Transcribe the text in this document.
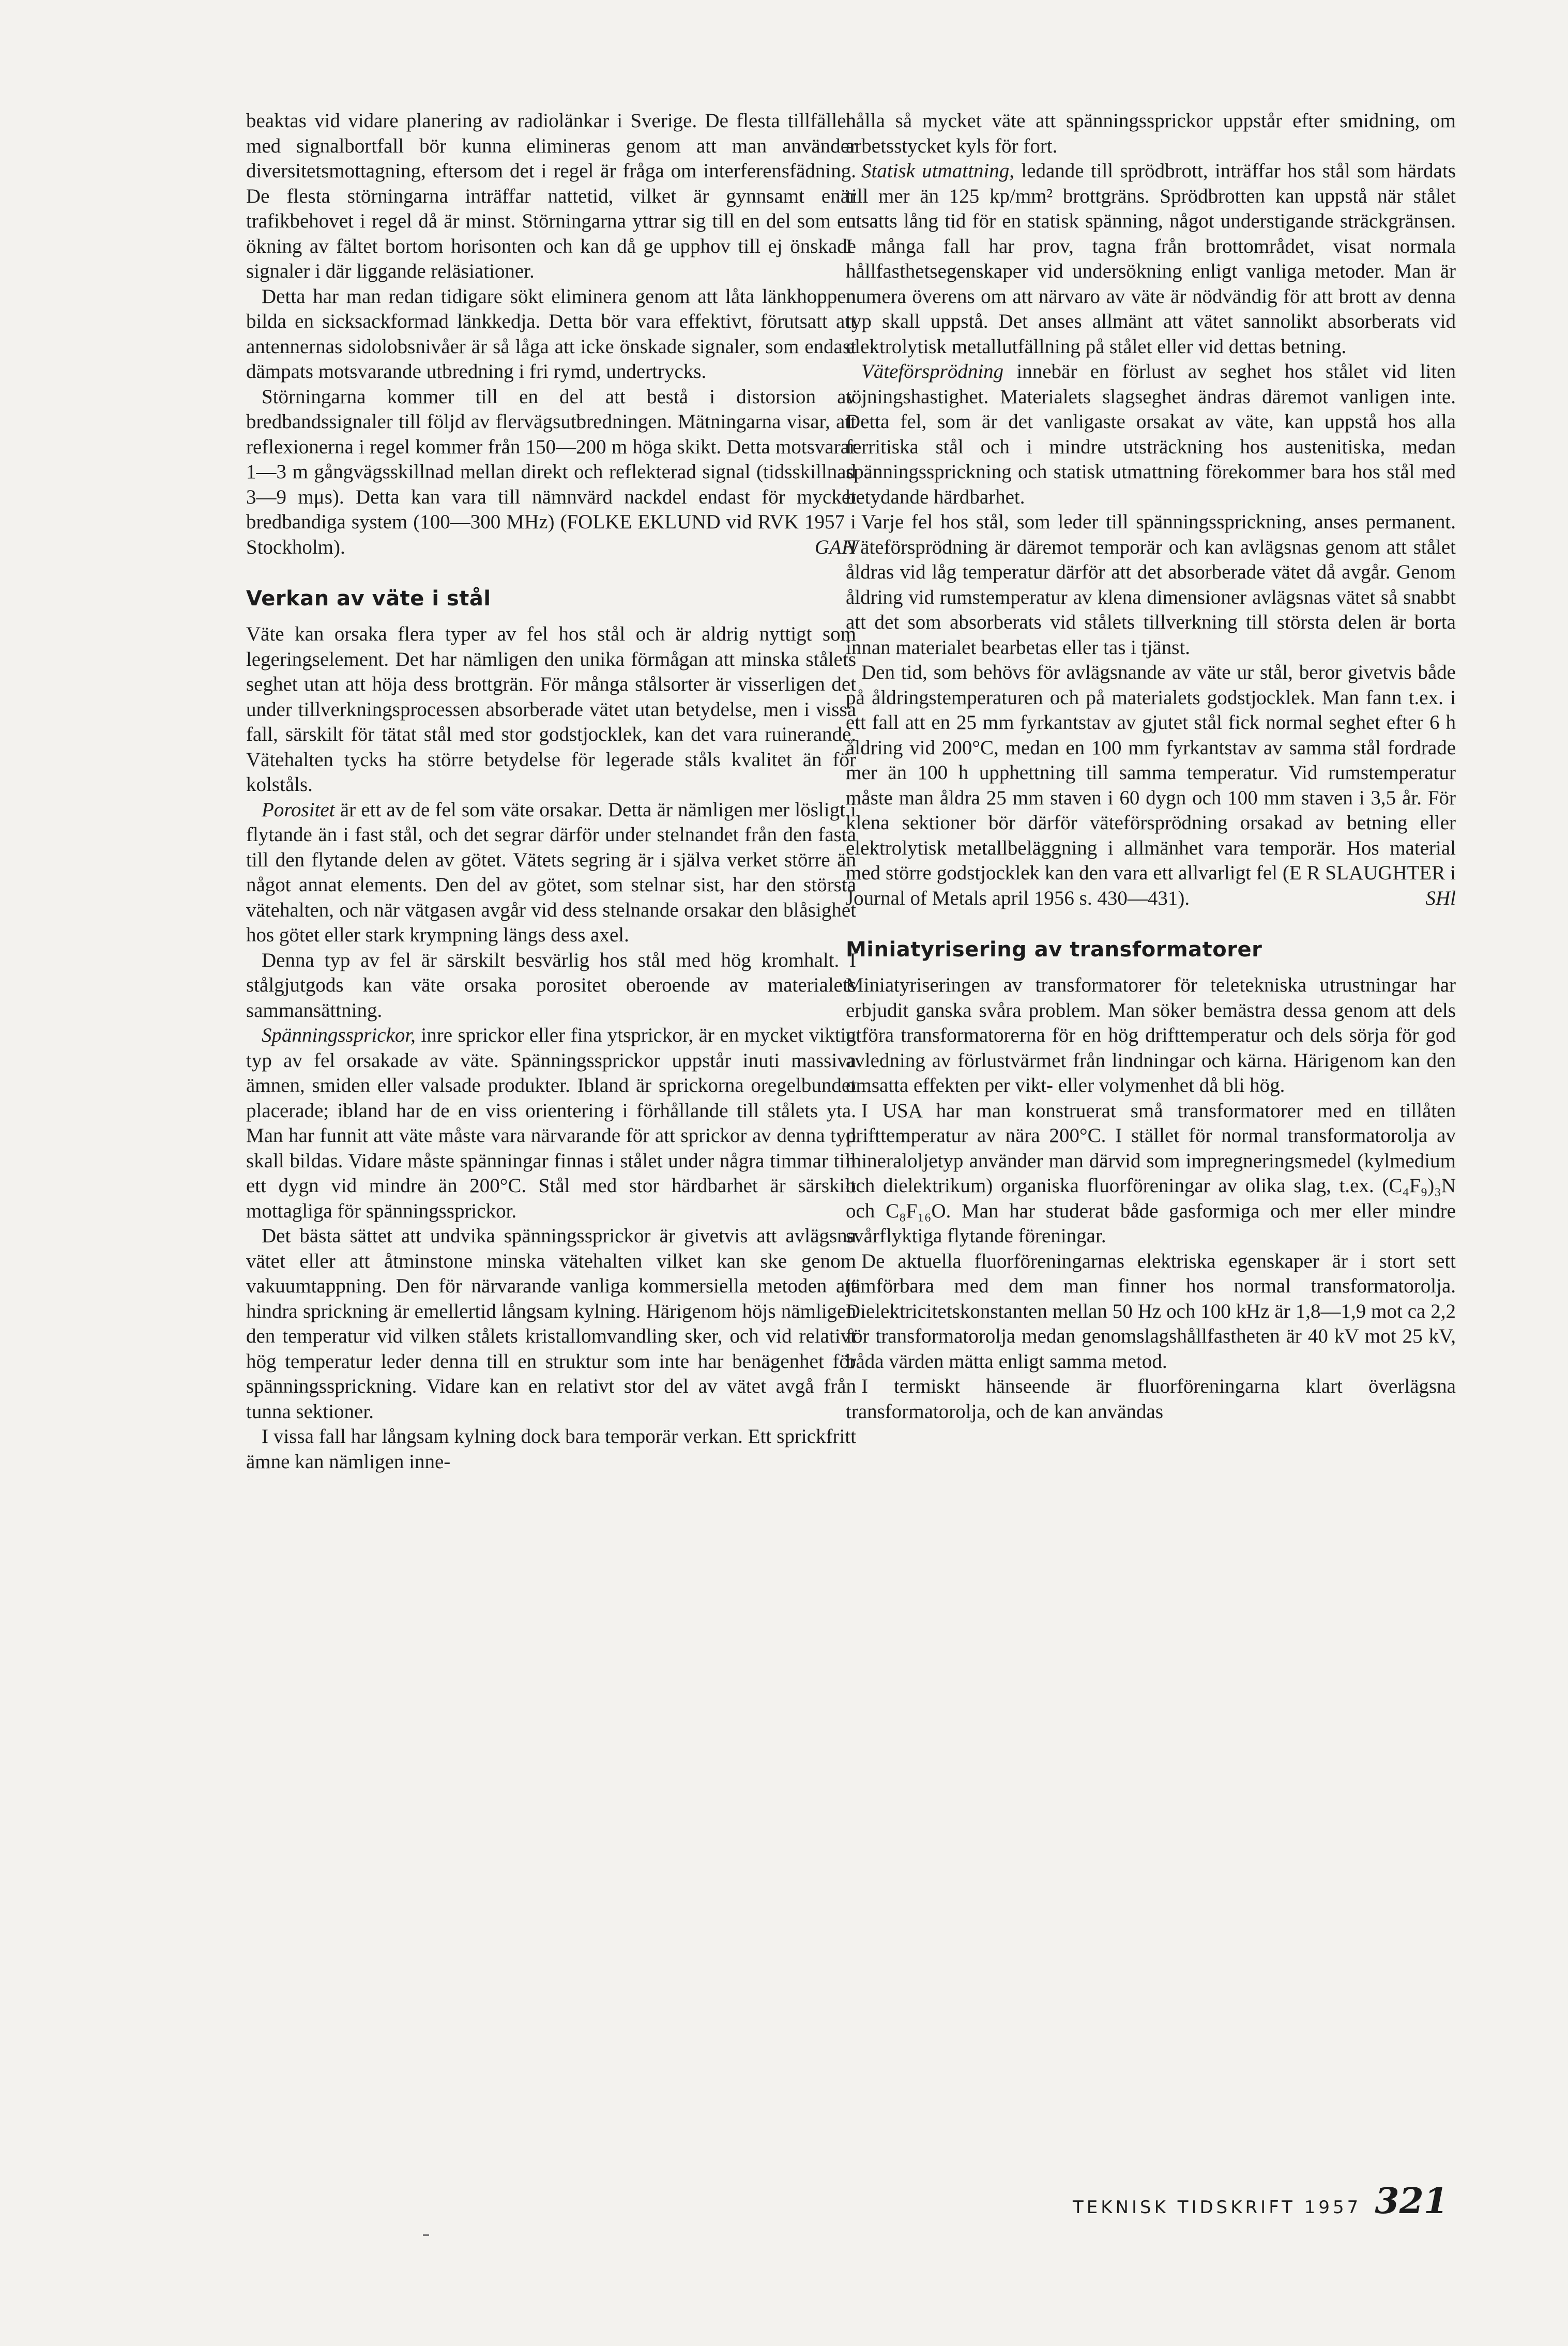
beaktas vid vidare planering av radiolänkar i Sverige. De flesta tillfällen med signalbortfall bör kunna elimineras genom att man använder diversitetsmottagning, eftersom det i regel är fråga om interferensfädning. De flesta störningarna inträffar nattetid, vilket är gynnsamt enär trafikbehovet i regel då är minst. Störningarna yttrar sig till en del som en ökning av fältet bortom horisonten och kan då ge upphov till ej önskade signaler i där liggande reläsiationer.

Detta har man redan tidigare sökt eliminera genom att låta länkhoppen bilda en sicksackformad länkkedja. Detta bör vara effektivt, förutsatt att antennernas sidolobsnivåer är så låga att icke önskade signaler, som endast dämpats motsvarande utbredning i fri rymd, undertrycks.

Störningarna kommer till en del att bestå i distorsion av bredbandssignaler till följd av flervägsutbredningen. Mätningarna visar, att reflexionerna i regel kommer från 150—200 m höga skikt. Detta motsvarar 1—3 m gångvägsskillnad mellan direkt och reflekterad signal (tidsskillnad 3—9 mμs). Detta kan vara till nämnvärd nackdel endast för mycket bredbandiga system (100—300 MHz) (FOLKE EKLUND vid RVK 1957 i Stockholm).	GAH

Verkan av väte i stål

Väte kan orsaka flera typer av fel hos stål och är aldrig nyttigt som legeringselement. Det har nämligen den unika förmågan att minska stålets seghet utan att höja dess brottgrän. För många stålsorter är visserligen det under tillverkningsprocessen absorberade vätet utan betydelse, men i vissa fall, särskilt för tätat stål med stor godstjocklek, kan det vara ruinerande. Vätehalten tycks ha större betydelse för legerade ståls kvalitet än för kolståls.

Porositet är ett av de fel som väte orsakar. Detta är nämligen mer lösligt i flytande än i fast stål, och det segrar därför under stelnandet från den fasta till den flytande delen av götet. Vätets segring är i själva verket större än något annat elements. Den del av götet, som stelnar sist, har den största vätehalten, och när vätgasen avgår vid dess stelnande orsakar den blåsighet hos götet eller stark krympning längs dess axel.

Denna typ av fel är särskilt besvärlig hos stål med hög kromhalt. I stålgjutgods kan väte orsaka porositet oberoende av materialets sammansättning.

Spänningssprickor, inre sprickor eller fina ytsprickor, är en mycket viktig typ av fel orsakade av väte. Spänningssprickor uppstår inuti massiva ämnen, smiden eller valsade produkter. Ibland är sprickorna oregelbundet placerade; ibland har de en viss orientering i förhållande till stålets yta. Man har funnit att väte måste vara närvarande för att sprickor av denna typ skall bildas. Vidare måste spänningar finnas i stålet under några timmar till ett dygn vid mindre än 200°C. Stål med stor härdbarhet är särskilt mottagliga för spänningssprickor.

Det bästa sättet att undvika spänningssprickor är givetvis att avlägsna vätet eller att åtminstone minska vätehalten vilket kan ske genom vakuumtappning. Den för närvarande vanliga kommersiella metoden att hindra sprickning är emellertid långsam kylning. Härigenom höjs nämligen den temperatur vid vilken stålets kristallomvandling sker, och vid relativt hög temperatur leder denna till en struktur som inte har benägenhet för spänningssprickning. Vidare kan en relativt stor del av vätet avgå från tunna sektioner.

I vissa fall har långsam kylning dock bara temporär verkan. Ett sprickfritt ämne kan nämligen inne-

hålla så mycket väte att spänningssprickor uppstår efter smidning, om arbetsstycket kyls för fort.

Statisk utmattning, ledande till sprödbrott, inträffar hos stål som härdats till mer än 125 kp/mm² brottgräns. Sprödbrotten kan uppstå när stålet utsatts lång tid för en statisk spänning, något understigande sträckgränsen. I många fall har prov, tagna från brottområdet, visat normala hållfasthetsegenskaper vid undersökning enligt vanliga metoder. Man är numera överens om att närvaro av väte är nödvändig för att brott av denna typ skall uppstå. Det anses allmänt att vätet sannolikt absorberats vid elektrolytisk metallutfällning på stålet eller vid dettas betning.

Väteförsprödning innebär en förlust av seghet hos stålet vid liten töjningshastighet. Materialets slagseghet ändras däremot vanligen inte. Detta fel, som är det vanligaste orsakat av väte, kan uppstå hos alla ferritiska stål och i mindre utsträckning hos austenitiska, medan spänningssprickning och statisk utmattning förekommer bara hos stål med betydande härdbarhet.

Varje fel hos stål, som leder till spänningssprickning, anses permanent. Väteförsprödning är däremot temporär och kan avlägsnas genom att stålet åldras vid låg temperatur därför att det absorberade vätet då avgår. Genom åldring vid rumstemperatur av klena dimensioner avlägsnas vätet så snabbt att det som absorberats vid stålets tillverkning till största delen är borta innan materialet bearbetas eller tas i tjänst.

Den tid, som behövs för avlägsnande av väte ur stål, beror givetvis både på åldringstemperaturen och på materialets godstjocklek. Man fann t.ex. i ett fall att en 25 mm fyrkantstav av gjutet stål fick normal seghet efter 6 h åldring vid 200°C, medan en 100 mm fyrkantstav av samma stål fordrade mer än 100 h upphettning till samma temperatur. Vid rumstemperatur måste man åldra 25 mm staven i 60 dygn och 100 mm staven i 3,5 år. För klena sektioner bör därför väteförsprödning orsakad av betning eller elektrolytisk metallbeläggning i allmänhet vara temporär. Hos material med större godstjocklek kan den vara ett allvarligt fel (E R SLAUGHTER i Journal of Metals april 1956 s. 430—431).	SHl

Miniatyrisering av transformatorer

Miniatyriseringen av transformatorer för teletekniska utrustningar har erbjudit ganska svåra problem. Man söker bemästra dessa genom att dels utföra transformatorerna för en hög drifttemperatur och dels sörja för god avledning av förlustvärmet från lindningar och kärna. Härigenom kan den omsatta effekten per vikt- eller volymenhet då bli hög.

I USA har man konstruerat små transformatorer med en tillåten drifttemperatur av nära 200°C. I stället för normal transformatorolja av mineraloljetyp använder man därvid som impregneringsmedel (kylmedium och dielektrikum) organiska fluorföreningar av olika slag, t.ex. (C₄F₉)₃N och C₈F₁₆O. Man har studerat både gasformiga och mer eller mindre svårflyktiga flytande föreningar.

De aktuella fluorföreningarnas elektriska egenskaper är i stort sett jämförbara med dem man finner hos normal transformatorolja. Dielektricitetskonstanten mellan 50 Hz och 100 kHz är 1,8—1,9 mot ca 2,2 för transformatorolja medan genomslagshållfastheten är 40 kV mot 25 kV, båda värden mätta enligt samma metod.

I termiskt hänseende är fluorföreningarna klart överlägsna transformatorolja, och de kan användas

TEKNISK TIDSKRIFT 1957 321
